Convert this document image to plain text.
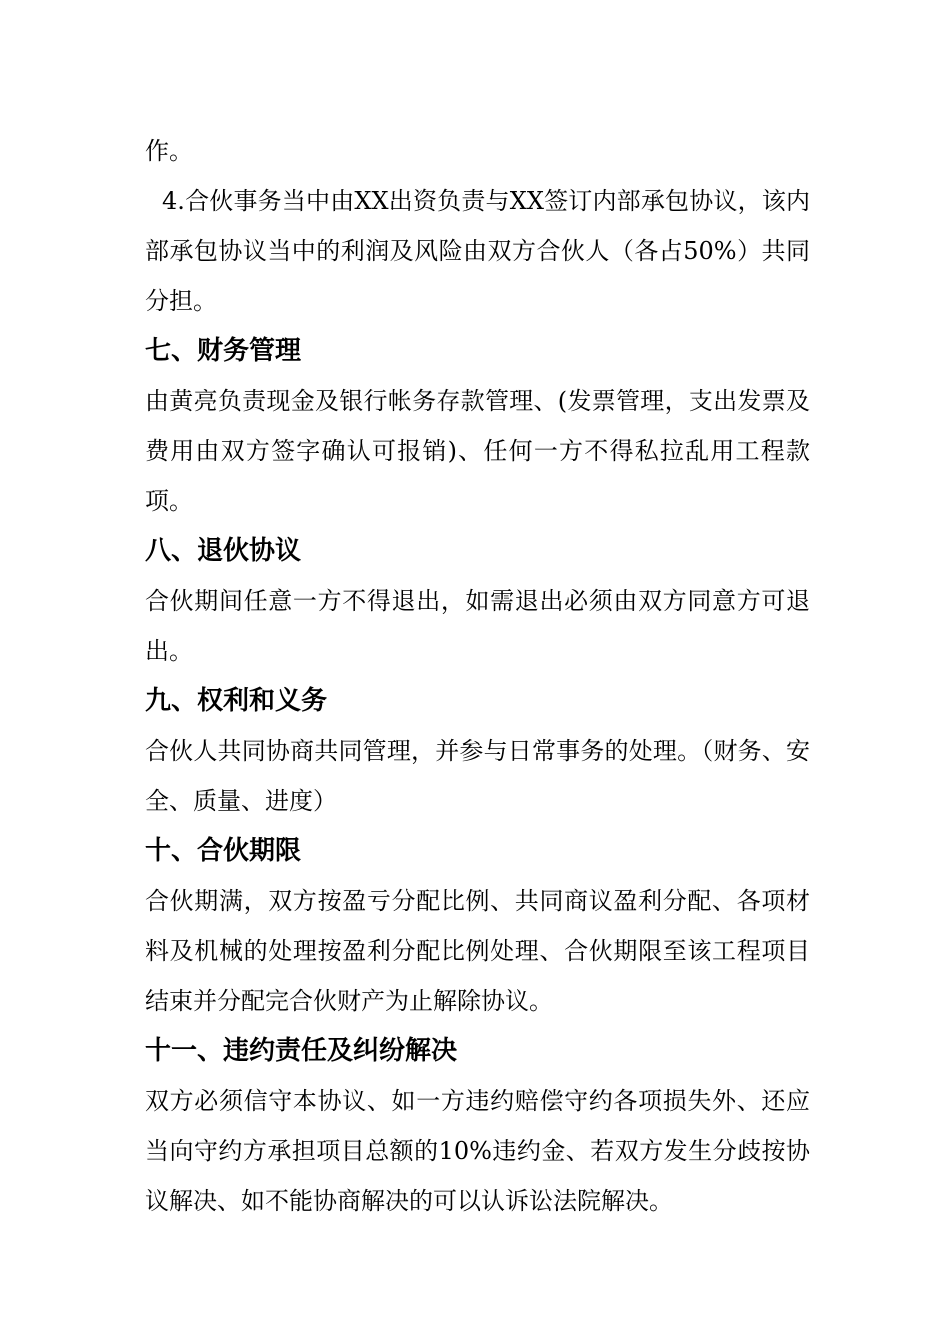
作。

4.合伙事务当中由XX出资负责与XX签订内部承包协议，该内部承包协议当中的利润及风险由双方合伙人（各占50%）共同分担。

七、财务管理

由黄亮负责现金及银行帐务存款管理、(发票管理，支出发票及费用由双方签字确认可报销)、任何一方不得私拉乱用工程款项。

八、退伙协议

合伙期间任意一方不得退出，如需退出必须由双方同意方可退出。

九、权利和义务

合伙人共同协商共同管理，并参与日常事务的处理。（财务、安全、质量、进度）

十、合伙期限

合伙期满，双方按盈亏分配比例、共同商议盈利分配、各项材料及机械的处理按盈利分配比例处理、合伙期限至该工程项目结束并分配完合伙财产为止解除协议。

十一、违约责任及纠纷解决

双方必须信守本协议、如一方违约赔偿守约各项损失外、还应当向守约方承担项目总额的10%违约金、若双方发生分歧按协议解决、如不能协商解决的可以认诉讼法院解决。
